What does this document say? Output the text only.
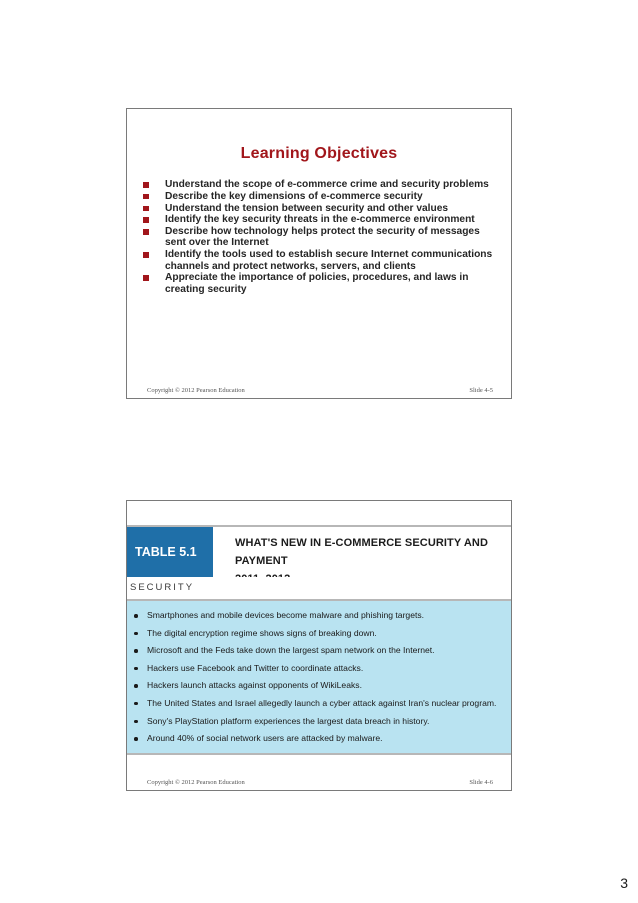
Learning Objectives
Understand the scope of e-commerce crime and security problems
Describe the key dimensions of e-commerce security
Understand the tension between security and other values
Identify the key security threats in the e-commerce environment
Describe how technology helps protect the security of messages sent over the Internet
Identify the tools used to establish secure Internet communications channels and protect networks, servers, and clients
Appreciate the importance of policies, procedures, and laws in creating security
Copyright © 2012 Pearson Education	Slide 4-5
TABLE 5.1
WHAT'S NEW IN E-COMMERCE SECURITY AND PAYMENT
SECURITY
Smartphones and mobile devices become malware and phishing targets.
The digital encryption regime shows signs of breaking down.
Microsoft and the Feds take down the largest spam network on the Internet.
Hackers use Facebook and Twitter to coordinate attacks.
Hackers launch attacks against opponents of WikiLeaks.
The United States and Israel allegedly launch a cyber attack against Iran's nuclear program.
Sony's PlayStation platform experiences the largest data breach in history.
Around 40% of social network users are attacked by malware.
Copyright © 2012 Pearson Education	Slide 4-6
3
